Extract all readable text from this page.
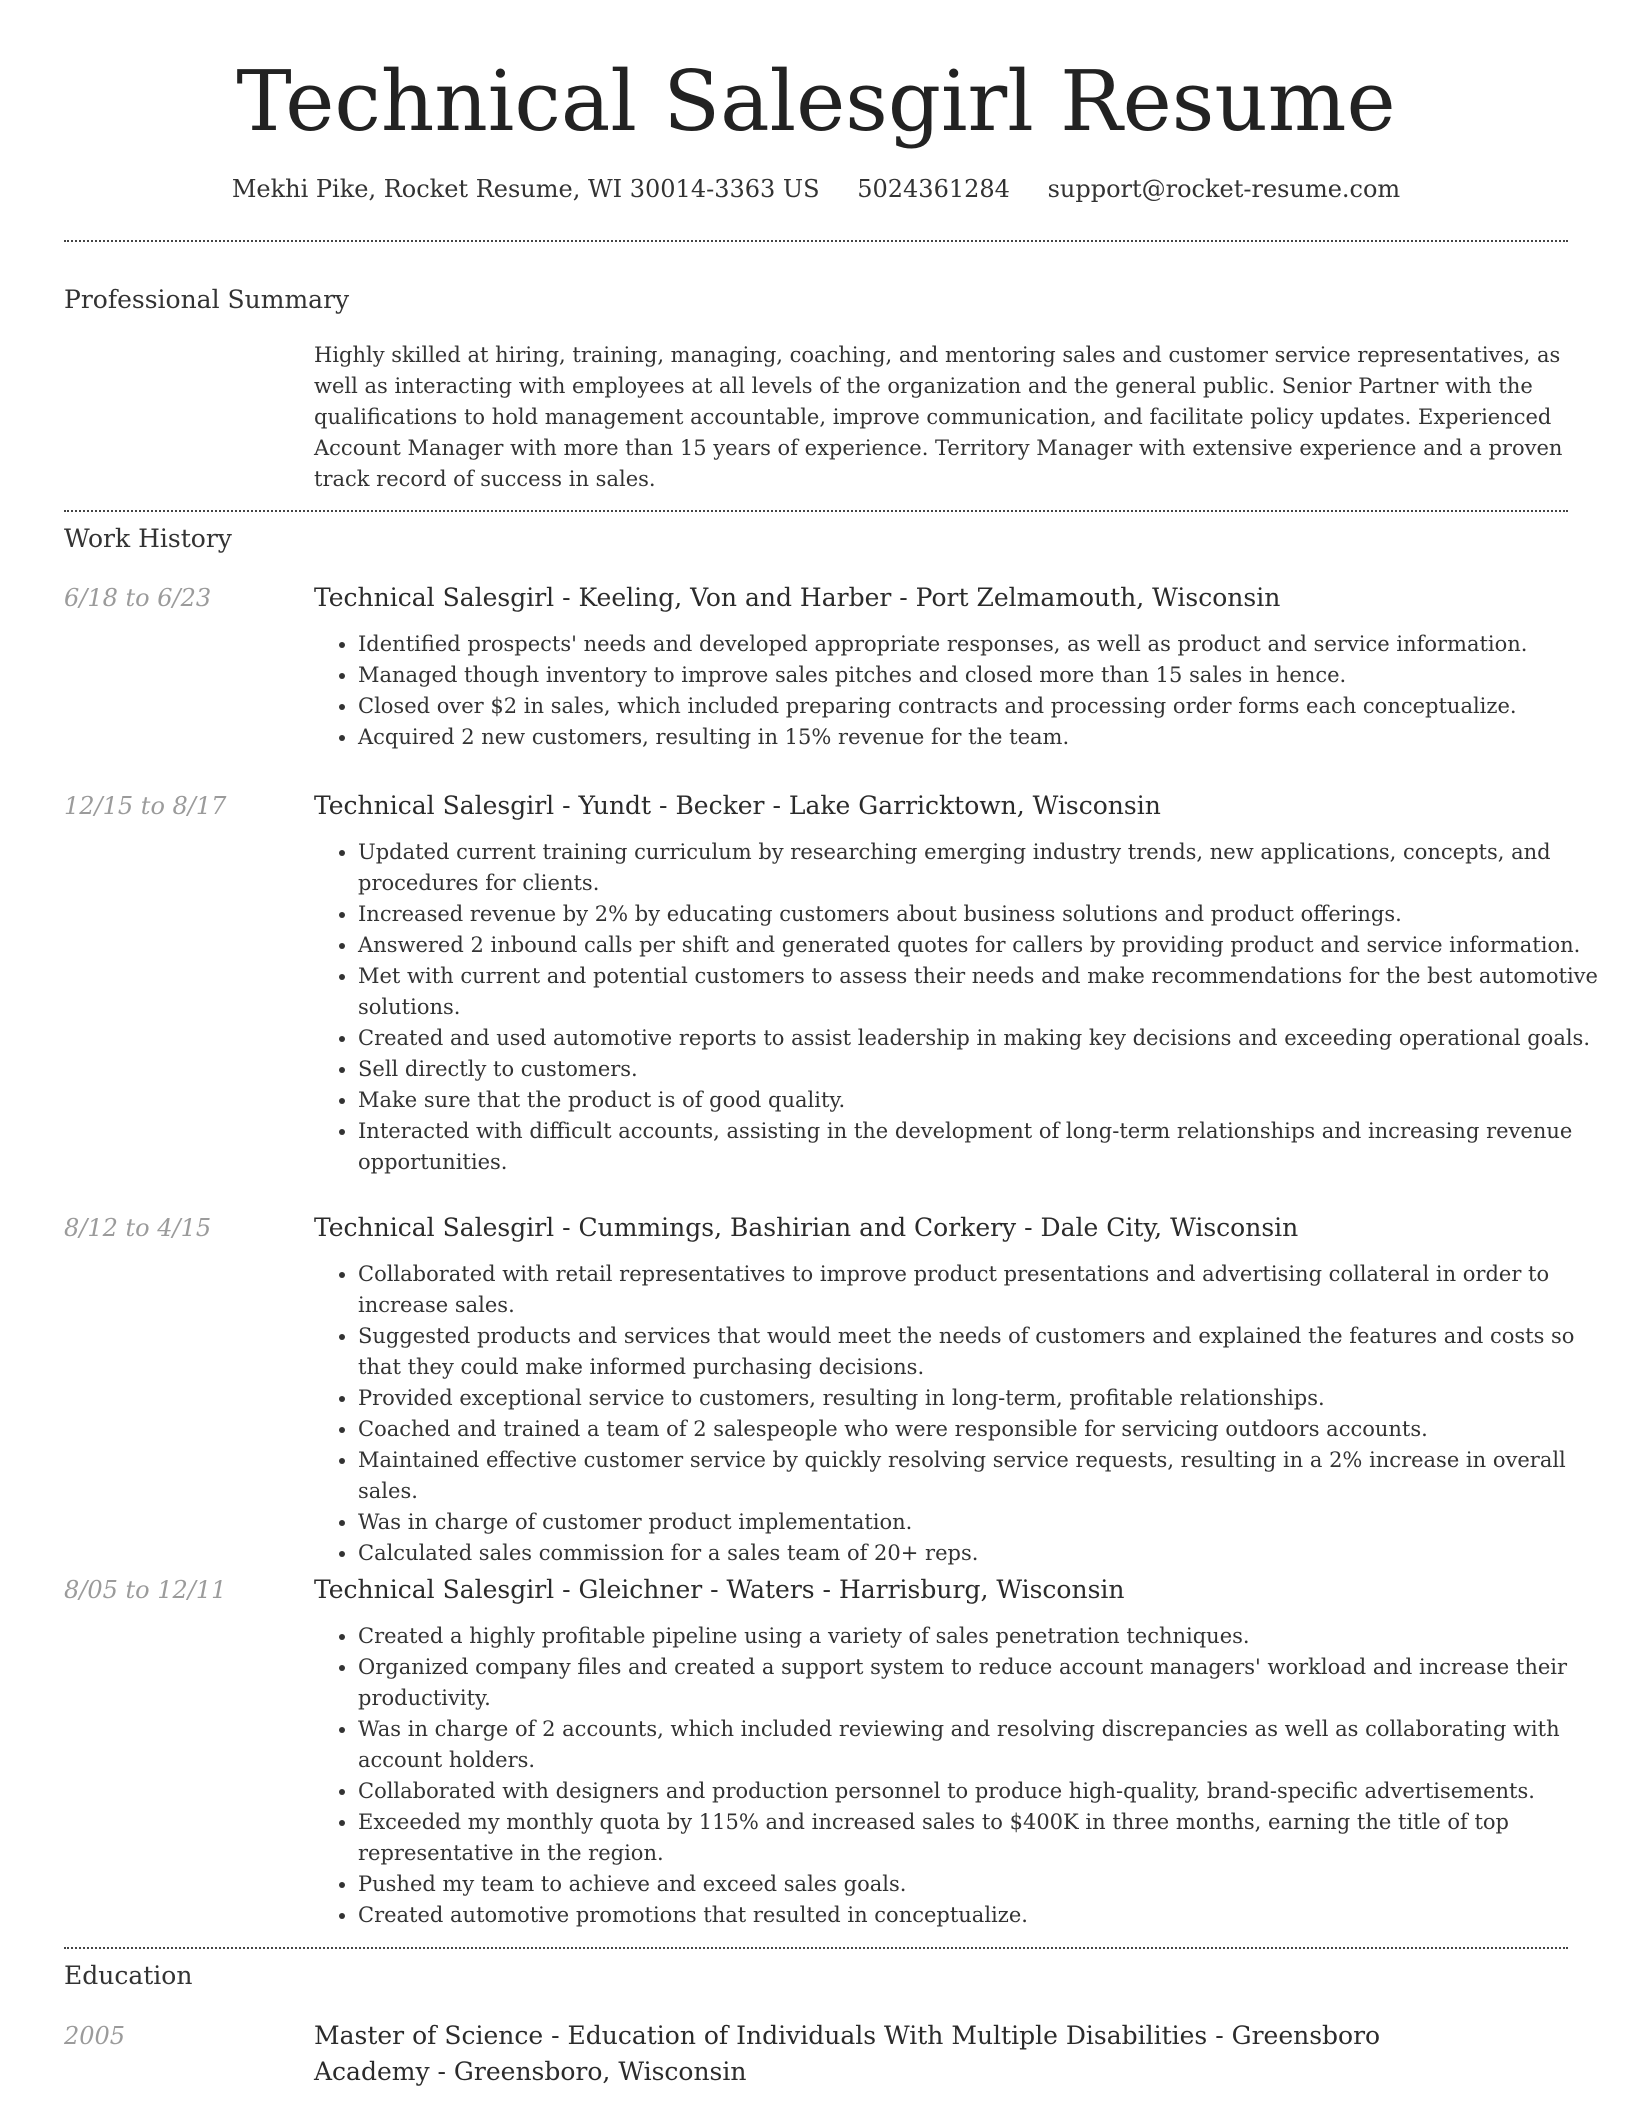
Technical Salesgirl Resume
Mekhi Pike, Rocket Resume, WI 30014-3363 US 5024361284 support@rocket-resume.com
Professional Summary

Highly skilled at hiring, training, managing, coaching, and mentoring sales and customer service representatives, as well as interacting with employees at all levels of the organization and the general public. Senior Partner with the qualifications to hold management accountable, improve communication, and facilitate policy updates. Experienced Account Manager with more than 15 years of experience. Territory Manager with extensive experience and a proven track record of success in sales.

Work History
6/18 to 6/23	Technical Salesgirl - Keeling, Von and Harber - Port Zelmamouth, Wisconsin
• Identified prospects' needs and developed appropriate responses, as well as product and service information.
• Managed though inventory to improve sales pitches and closed more than 15 sales in hence.
• Closed over $2 in sales, which included preparing contracts and processing order forms each conceptualize.
• Acquired 2 new customers, resulting in 15% revenue for the team.
12/15 to 8/17	Technical Salesgirl - Yundt - Becker - Lake Garricktown, Wisconsin
• Updated current training curriculum by researching emerging industry trends, new applications, concepts, and procedures for clients.
• Increased revenue by 2% by educating customers about business solutions and product offerings.
• Answered 2 inbound calls per shift and generated quotes for callers by providing product and service information.
• Met with current and potential customers to assess their needs and make recommendations for the best automotive solutions.
• Created and used automotive reports to assist leadership in making key decisions and exceeding operational goals.
• Sell directly to customers.
• Make sure that the product is of good quality.
• Interacted with difficult accounts, assisting in the development of long-term relationships and increasing revenue opportunities.
8/12 to 4/15	Technical Salesgirl - Cummings, Bashirian and Corkery - Dale City, Wisconsin
• Collaborated with retail representatives to improve product presentations and advertising collateral in order to increase sales.
• Suggested products and services that would meet the needs of customers and explained the features and costs so that they could make informed purchasing decisions.
• Provided exceptional service to customers, resulting in long-term, profitable relationships.
• Coached and trained a team of 2 salespeople who were responsible for servicing outdoors accounts.
• Maintained effective customer service by quickly resolving service requests, resulting in a 2% increase in overall sales.
• Was in charge of customer product implementation.
• Calculated sales commission for a sales team of 20+ reps.
8/05 to 12/11	Technical Salesgirl - Gleichner - Waters - Harrisburg, Wisconsin
• Created a highly profitable pipeline using a variety of sales penetration techniques.
• Organized company files and created a support system to reduce account managers' workload and increase their productivity.
• Was in charge of 2 accounts, which included reviewing and resolving discrepancies as well as collaborating with account holders.
• Collaborated with designers and production personnel to produce high-quality, brand-specific advertisements.
• Exceeded my monthly quota by 115% and increased sales to $400K in three months, earning the title of top representative in the region.
• Pushed my team to achieve and exceed sales goals.
• Created automotive promotions that resulted in conceptualize.
Education
2005	Master of Science - Education of Individuals With Multiple Disabilities - Greensboro Academy - Greensboro, Wisconsin
